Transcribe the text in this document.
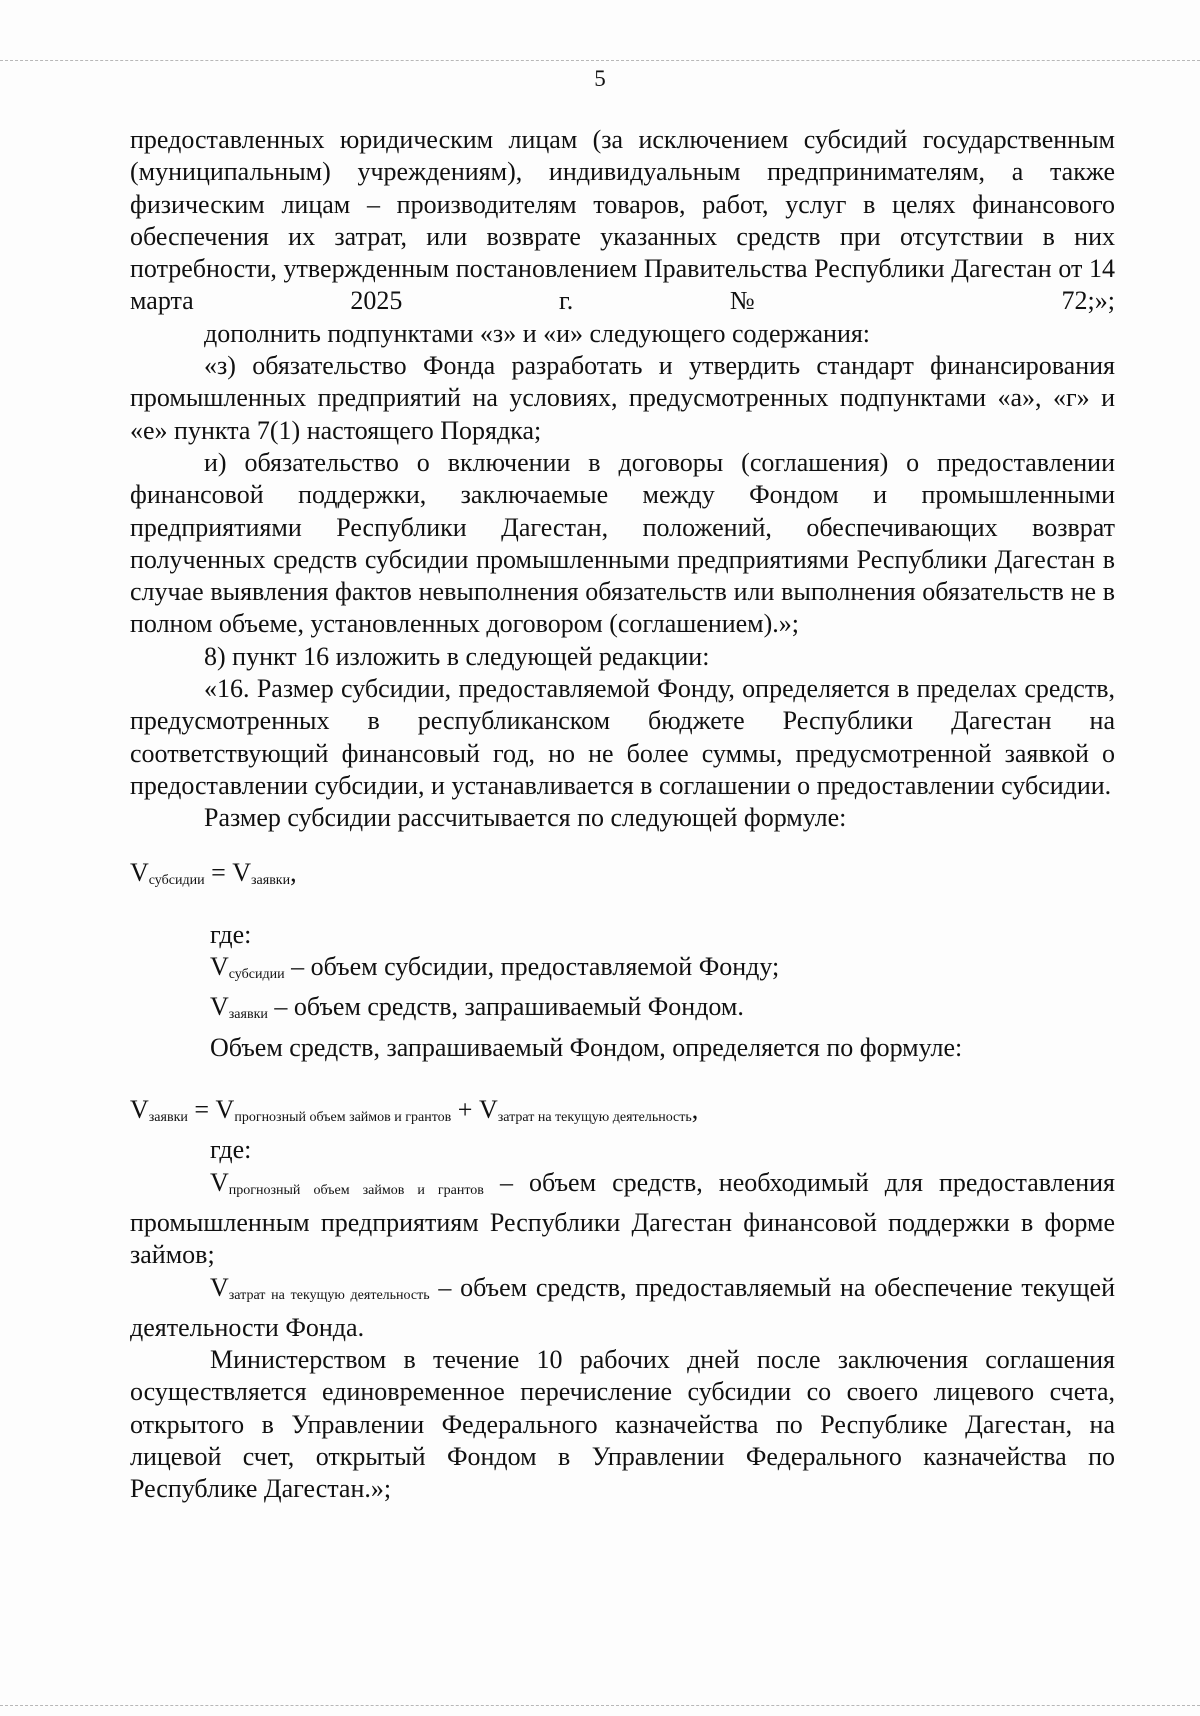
5

предоставленных юридическим лицам (за исключением субсидий государственным (муниципальным) учреждениям), индивидуальным предпринимателям, а также физическим лицам – производителям товаров, работ, услуг в целях финансового обеспечения их затрат, или возврате указанных средств при отсутствии в них потребности, утвержденным постановлением Правительства Республики Дагестан от 14 марта 2025 г. № 72;»;

дополнить подпунктами «з» и «и» следующего содержания:

«з) обязательство Фонда разработать и утвердить стандарт финансирования промышленных предприятий на условиях, предусмотренных подпунктами «а», «г» и «е» пункта 7(1) настоящего Порядка;

и) обязательство о включении в договоры (соглашения) о предоставлении финансовой поддержки, заключаемые между Фондом и промышленными предприятиями Республики Дагестан, положений, обеспечивающих возврат полученных средств субсидии промышленными предприятиями Республики Дагестан в случае выявления фактов невыполнения обязательств или выполнения обязательств не в полном объеме, установленных договором (соглашением).»;

8) пункт 16 изложить в следующей редакции:

«16. Размер субсидии, предоставляемой Фонду, определяется в пределах средств, предусмотренных в республиканском бюджете Республики Дагестан на соответствующий финансовый год, но не более суммы, предусмотренной заявкой о предоставлении субсидии, и устанавливается в соглашении о предоставлении субсидии.

Размер субсидии рассчитывается по следующей формуле:

$V_{субсидии} = V_{заявки}$,

где:

$V_{субсидии}$ – объем субсидии, предоставляемой Фонду;

$V_{заявки}$ – объем средств, запрашиваемый Фондом.

Объем средств, запрашиваемый Фондом, определяется по формуле:

$V_{заявки} = V_{прогнозный объем займов и грантов} + V_{затрат на текущую деятельность}$,

где:

$V_{прогнозный объем займов и грантов}$ – объем средств, необходимый для предоставления промышленным предприятиям Республики Дагестан финансовой поддержки в форме займов;

$V_{затрат на текущую деятельность}$ – объем средств, предоставляемый на обеспечение текущей деятельности Фонда.

Министерством в течение 10 рабочих дней после заключения соглашения осуществляется единовременное перечисление субсидии со своего лицевого счета, открытого в Управлении Федерального казначейства по Республике Дагестан, на лицевой счет, открытый Фондом в Управлении Федерального казначейства по Республике Дагестан.»;
